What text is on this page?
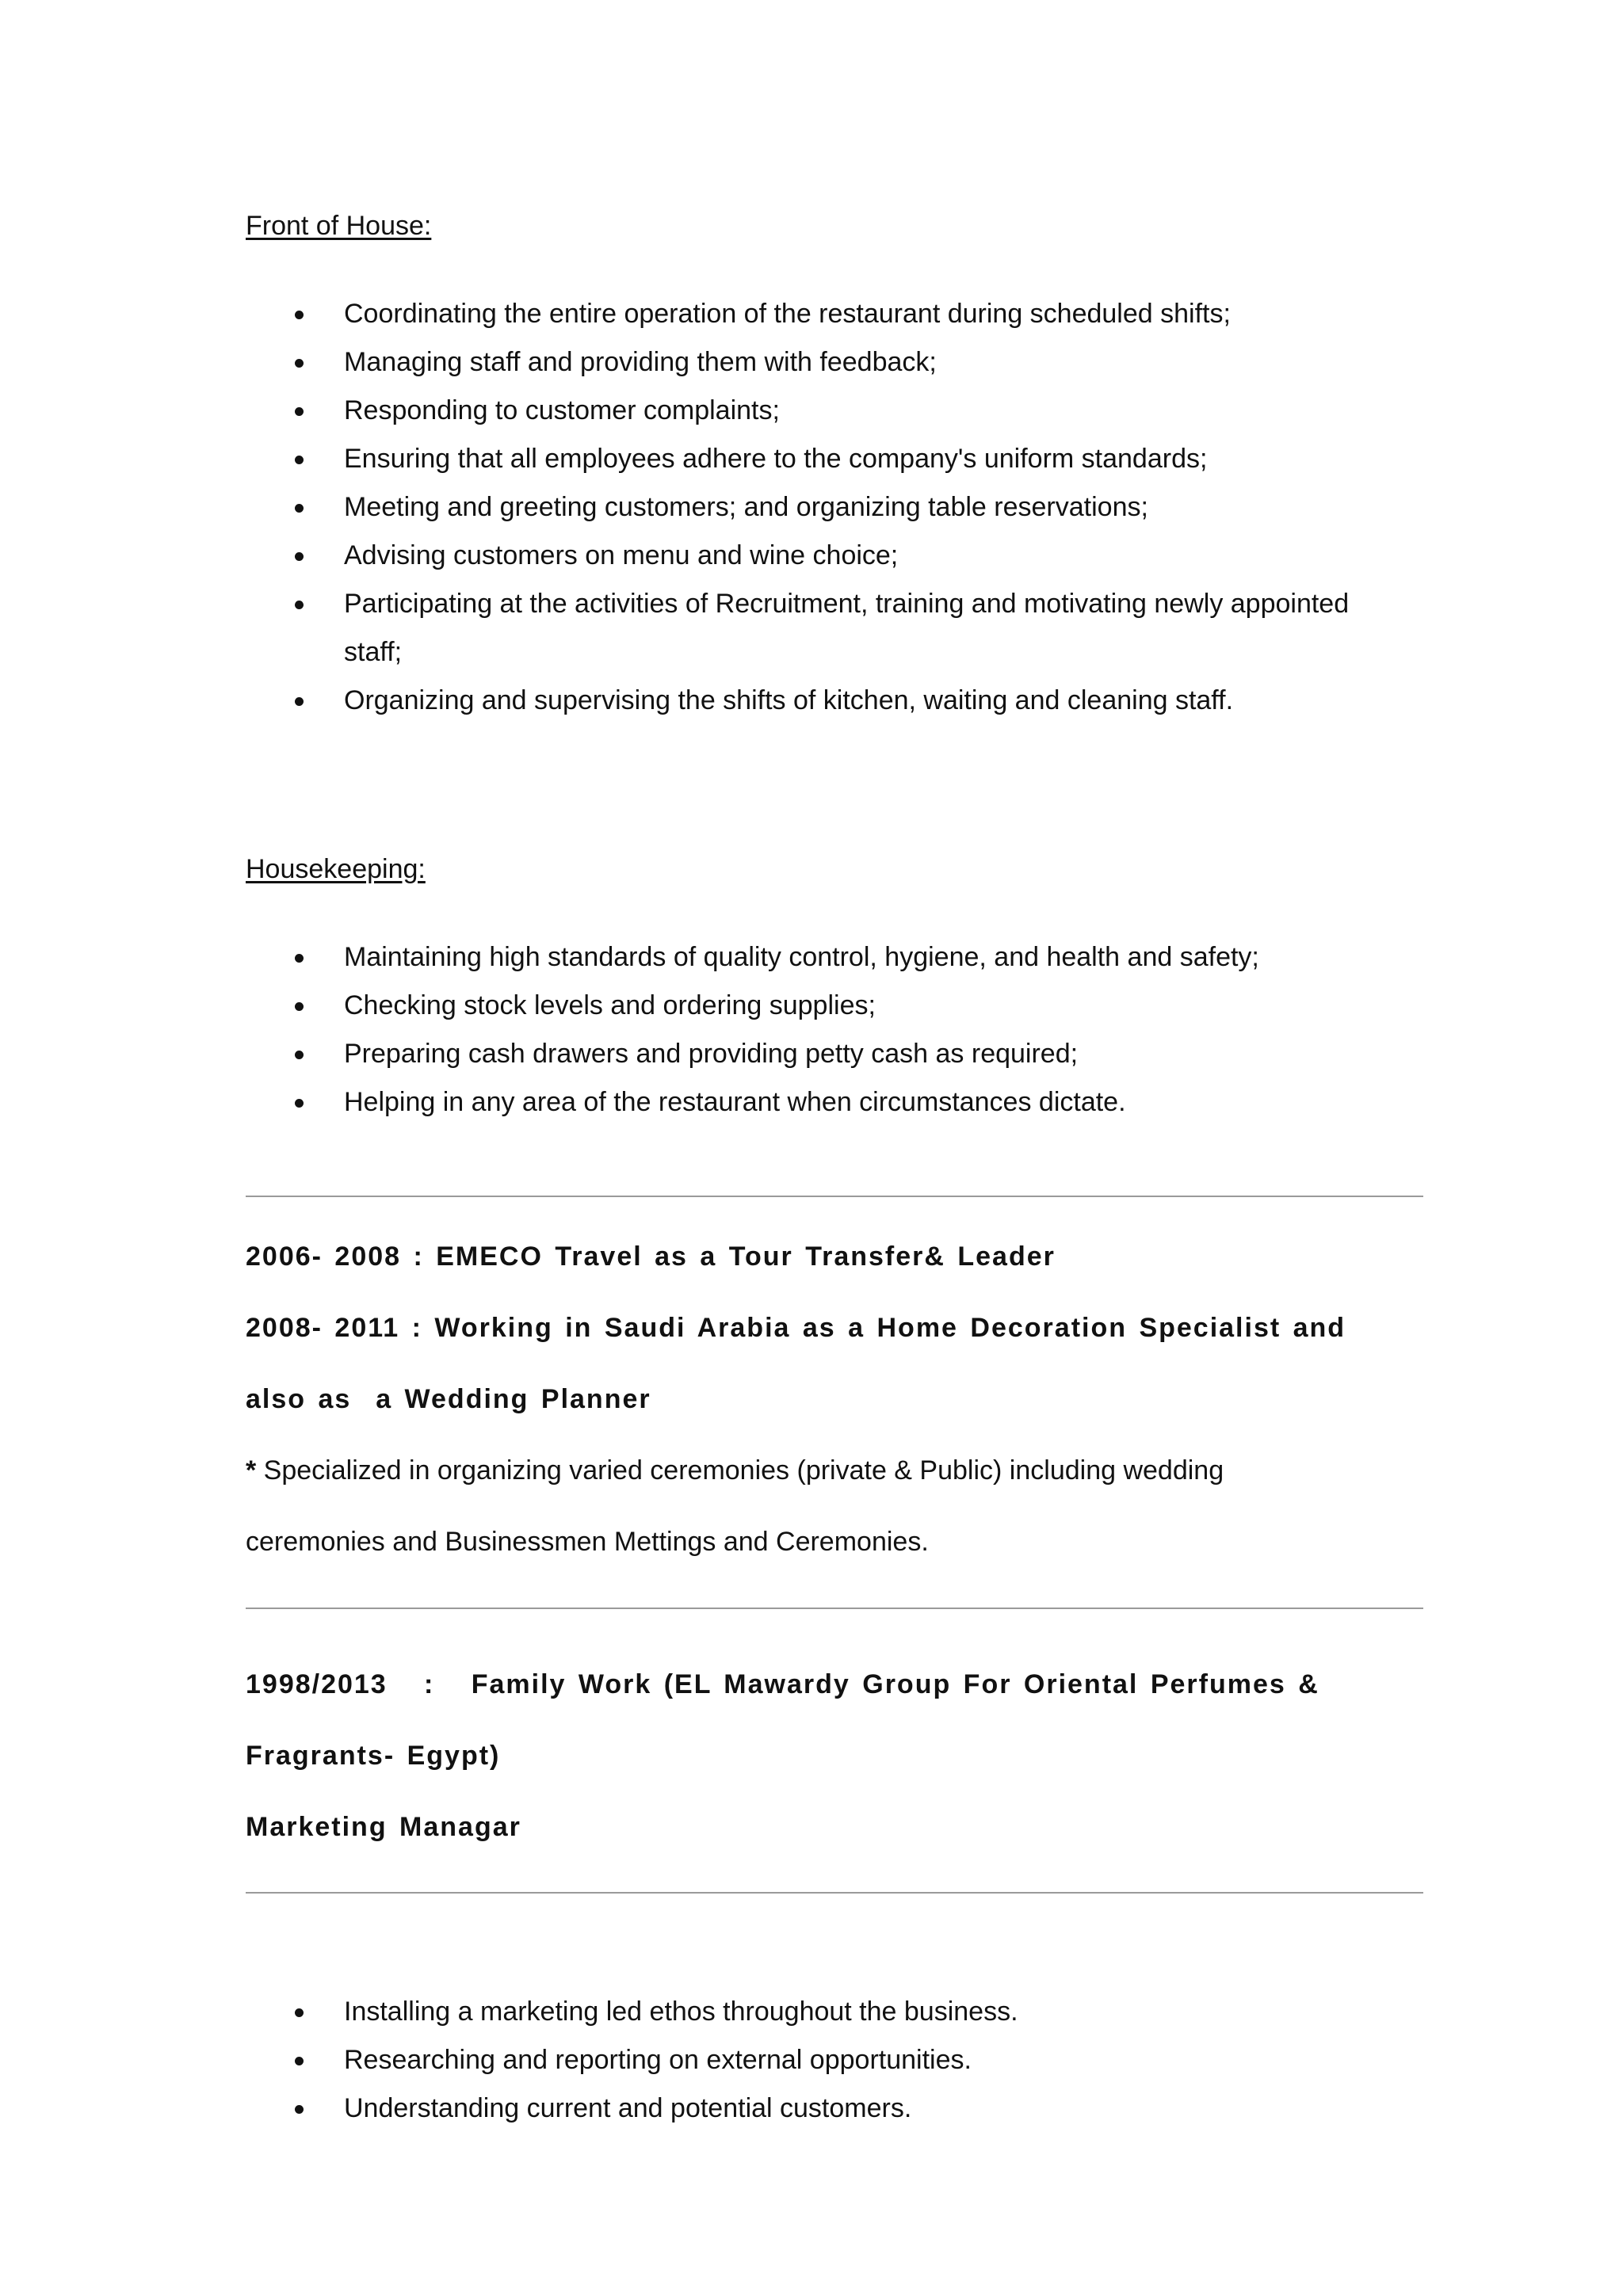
Front of House:

Coordinating the entire operation of the restaurant during scheduled shifts;
Managing staff and providing them with feedback;
Responding to customer complaints;
Ensuring that all employees adhere to the company's uniform standards;
Meeting and greeting customers; and organizing table reservations;
Advising customers on menu and wine choice;
Participating at the activities of Recruitment, training and motivating newly appointed staff;
Organizing and supervising the shifts of kitchen, waiting and cleaning staff.

Housekeeping:

Maintaining high standards of quality control, hygiene, and health and safety;
Checking stock levels and ordering supplies;
Preparing cash drawers and providing petty cash as required;
Helping in any area of the restaurant when circumstances dictate.

2006- 2008 : EMECO Travel as a Tour Transfer& Leader

2008- 2011 : Working in Saudi Arabia as a Home Decoration Specialist and

also as  a Wedding Planner

* Specialized in organizing varied ceremonies (private & Public) including wedding

ceremonies and Businessmen Mettings and Ceremonies.

1998/2013   :   Family Work (EL Mawardy Group For Oriental Perfumes &

Fragrants- Egypt)

Marketing Managar

Installing a marketing led ethos throughout the business.
Researching and reporting on external opportunities.
Understanding current and potential customers.
